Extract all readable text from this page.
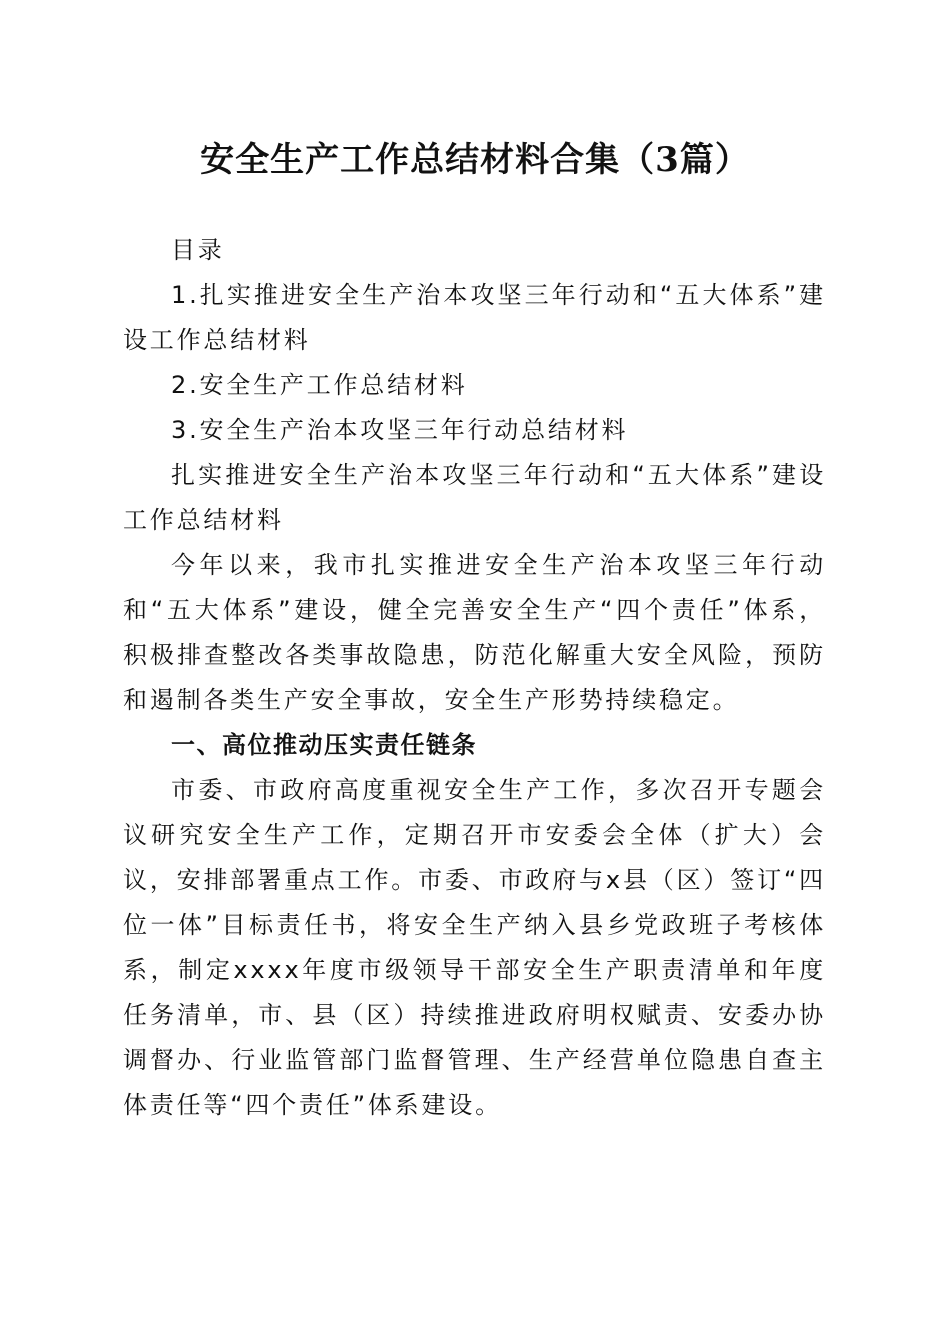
安全生产工作总结材料合集（3篇）

目录

1.扎实推进安全生产治本攻坚三年行动和“五大体系”建设工作总结材料

2.安全生产工作总结材料

3.安全生产治本攻坚三年行动总结材料

扎实推进安全生产治本攻坚三年行动和“五大体系”建设工作总结材料

今年以来，我市扎实推进安全生产治本攻坚三年行动和“五大体系”建设，健全完善安全生产“四个责任”体系，积极排查整改各类事故隐患，防范化解重大安全风险，预防和遏制各类生产安全事故，安全生产形势持续稳定。

一、高位推动压实责任链条

市委、市政府高度重视安全生产工作，多次召开专题会议研究安全生产工作，定期召开市安委会全体（扩大）会议，安排部署重点工作。市委、市政府与x县（区）签订“四位一体”目标责任书，将安全生产纳入县乡党政班子考核体系，制定xxxx年度市级领导干部安全生产职责清单和年度任务清单，市、县（区）持续推进政府明权赋责、安委办协调督办、行业监管部门监督管理、生产经营单位隐患自查主体责任等“四个责任”体系建设。
